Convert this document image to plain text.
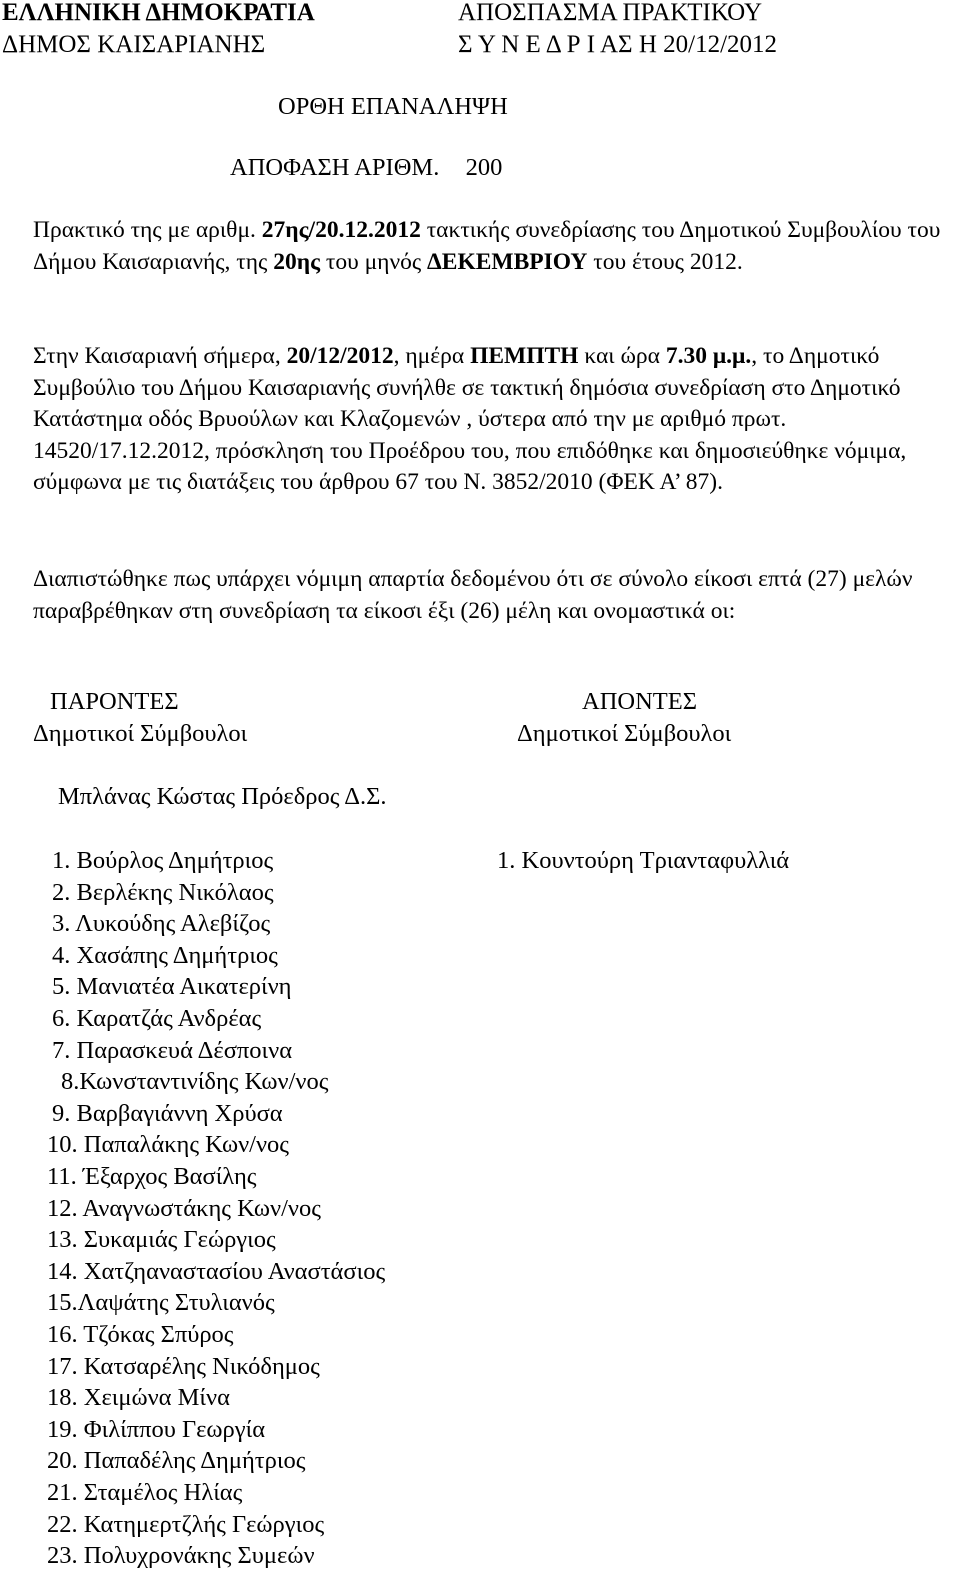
ΕΛΛΗΝΙΚΗ ΔΗΜΟΚΡΑΤΙΑ
ΔΗΜΟΣ ΚΑΙΣΑΡΙΑΝΗΣ
ΑΠΟΣΠΑΣΜΑ ΠΡΑΚΤΙΚΟΥ
Σ Υ Ν Ε Δ Ρ Ι ΑΣ Η 20/12/2012
ΟΡΘΗ ΕΠΑΝΑΛΗΨΗ
ΑΠΟΦΑΣΗ ΑΡΙΘΜ. 200
Πρακτικό της με αριθμ. 27ης/20.12.2012 τακτικής συνεδρίασης του Δημοτικού Συμβουλίου του Δήμου Καισαριανής, της 20ης του μηνός ΔΕΚΕΜΒΡΙΟΥ του έτους 2012.
Στην Καισαριανή σήμερα, 20/12/2012, ημέρα ΠΕΜΠΤΗ και ώρα 7.30 μ.μ., το Δημοτικό Συμβούλιο του Δήμου Καισαριανής συνήλθε σε τακτική δημόσια συνεδρίαση στο Δημοτικό Κατάστημα οδός Βρυούλων και Κλαζομενών , ύστερα από την με αριθμό πρωτ. 14520/17.12.2012, πρόσκληση του Προέδρου του, που επιδόθηκε και δημοσιεύθηκε νόμιμα, σύμφωνα με τις διατάξεις του άρθρου 67 του Ν. 3852/2010 (ΦΕΚ Α’ 87).
Διαπιστώθηκε πως υπάρχει νόμιμη απαρτία δεδομένου ότι σε σύνολο είκοσι επτά (27) μελών παραβρέθηκαν στη συνεδρίαση τα είκοσι έξι (26) μέλη και ονομαστικά οι:
ΠΑΡΟΝΤΕΣ
Δημοτικοί Σύμβουλοι
ΑΠΟΝΤΕΣ
Δημοτικοί Σύμβουλοι
Μπλάνας Κώστας Πρόεδρος Δ.Σ.
1. Βούρλος Δημήτριος
2. Βερλέκης Νικόλαος
3. Λυκούδης Αλεβίζος
4. Χασάπης Δημήτριος
5. Μανιατέα Αικατερίνη
6. Καρατζάς Ανδρέας
7. Παρασκευά Δέσποινα
8.Κωνσταντινίδης Κων/νος
9. Βαρβαγιάννη Χρύσα
10. Παπαλάκης Κων/νος
11. Έξαρχος Βασίλης
12. Αναγνωστάκης Κων/νος
13. Συκαμιάς Γεώργιος
14. Χατζηαναστασίου Αναστάσιος
15.Λαψάτης Στυλιανός
16. Τζόκας Σπύρος
17. Κατσαρέλης Νικόδημος
18. Χειμώνα Μίνα
19. Φιλίππου Γεωργία
20. Παπαδέλης Δημήτριος
21. Σταμέλος Ηλίας
22. Κατημερτζλής Γεώργιος
23. Πολυχρονάκης Συμεών
1. Κουντούρη Τριανταφυλλιά
